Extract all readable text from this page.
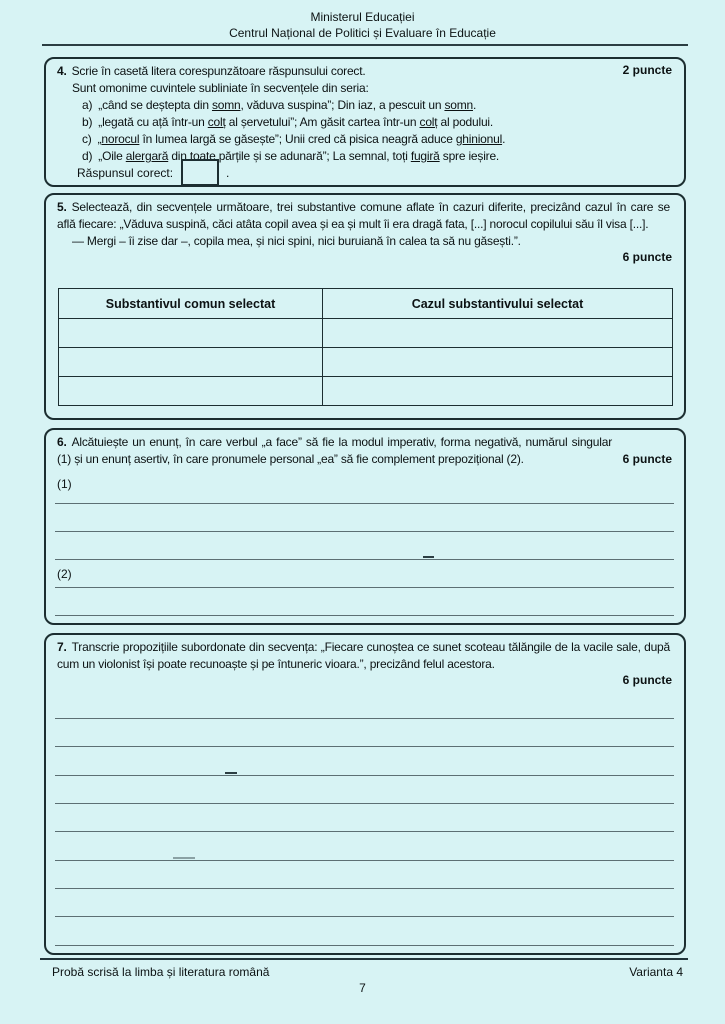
Ministerul Educației
Centrul Național de Politici și Evaluare în Educație
2 puncte
4. Scrie în casetă litera corespunzătoare răspunsului corect.
Sunt omonime cuvintele subliniate în secvențele din seria:
a) „când se deștepta din somn, văduva suspina”; Din iaz, a pescuit un somn.
b) „legată cu ață într-un colț al șervetului”; Am găsit cartea într-un colț al podului.
c) „norocul în lumea largă se găsește”; Unii cred că pisica neagră aduce ghinionul.
d) „Oile alergară din toate părțile și se adunară”; La semnal, toți fugiră spre ieșire.
Răspunsul corect:	.
6 puncte

5. Selectează, din secvențele următoare, trei substantive comune aflate în cazuri diferite, precizând cazul în care se află fiecare: „Văduva suspină, căci atâta copil avea și ea și mult îi era dragă fata, [...] norocul copilului său îl visa [...].

— Mergi – îi zise dar –, copila mea, și nici spini, nici buruiană în calea ta să nu găsești.”.

Substantivul comun selectat	Cazul substantivului selectat

6 puncte

6. Alcătuiește un enunț, în care verbul „a face” să fie la modul imperativ, forma negativă, numărul singular (1) și un enunț asertiv, în care pronumele personal „ea” să fie complement prepozițional (2).

(1)
(2)

7. Transcrie propozițiile subordonate din secvența: „Fiecare cunoștea ce sunet scoteau tălăngile de la vacile sale, după cum un violonist își poate recunoaște și pe întuneric vioara.”, precizând felul acestora.

6 puncte
Probă scrisă la limba și literatura română	Varianta 4
7
